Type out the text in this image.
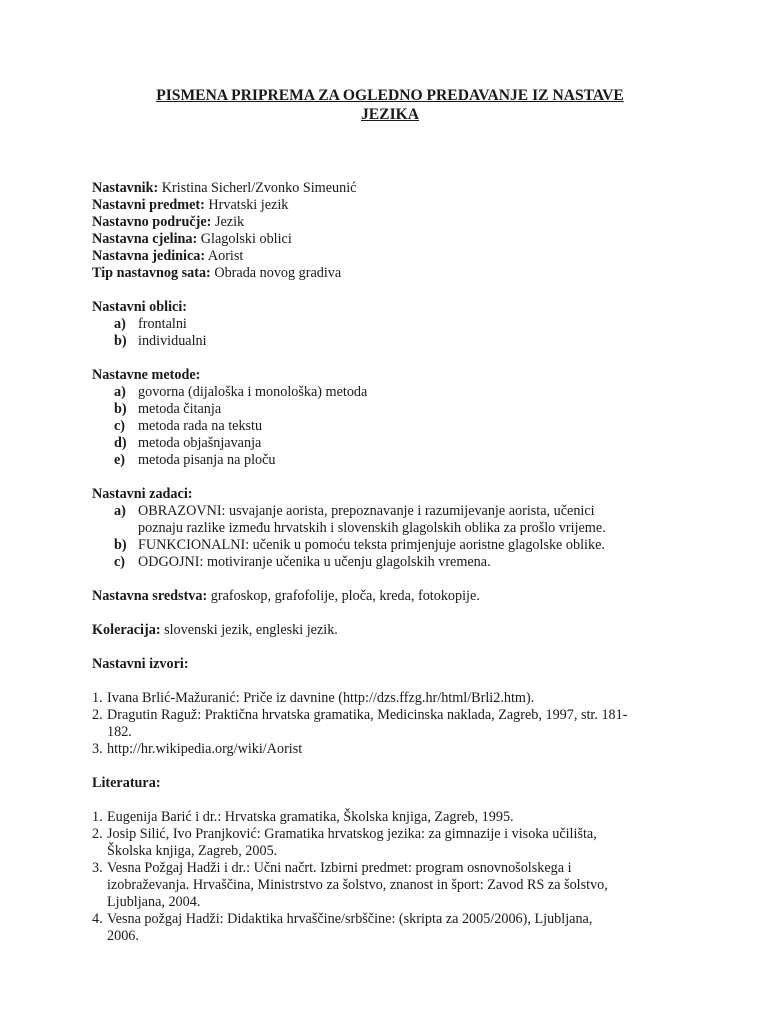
PISMENA PRIPREMA ZA OGLEDNO PREDAVANJE IZ NASTAVE
JEZIKA
Nastavnik: Kristina Sicherl/Zvonko Simeunić
Nastavni predmet: Hrvatski jezik
Nastavno područje: Jezik
Nastavna cjelina: Glagolski oblici
Nastavna jedinica: Aorist
Tip nastavnog sata: Obrada novog gradiva
Nastavni oblici:
a) frontalni
b) individualni
Nastavne metode:
a) govorna (dijaloška i monološka) metoda
b) metoda čitanja
c) metoda rada na tekstu
d) metoda objašnjavanja
e) metoda pisanja na ploču
Nastavni zadaci:
a) OBRAZOVNI: usvajanje aorista, prepoznavanje i razumijevanje aorista, učenici
poznaju razlike između hrvatskih i slovenskih glagolskih oblika za prošlo vrijeme.
b) FUNKCIONALNI: učenik u pomoću teksta primjenjuje aoristne glagolske oblike.
c) ODGOJNI: motiviranje učenika u učenju glagolskih vremena.
Nastavna sredstva: grafoskop, grafofolije, ploča, kreda, fotokopije.
Koleracija: slovenski jezik, engleski jezik.
Nastavni izvori:
1. Ivana Brlić-Mažuranić: Priče iz davnine (http://dzs.ffzg.hr/html/Brli2.htm).
2. Dragutin Raguž: Praktična hrvatska gramatika, Medicinska naklada, Zagreb, 1997, str. 181-
182.
3. http://hr.wikipedia.org/wiki/Aorist
Literatura:
1. Eugenija Barić i dr.: Hrvatska gramatika, Školska knjiga, Zagreb, 1995.
2. Josip Silić, Ivo Pranjković: Gramatika hrvatskog jezika: za gimnazije i visoka učilišta,
Školska knjiga, Zagreb, 2005.
3. Vesna Požgaj Hadži i dr.: Učni načrt. Izbirni predmet: program osnovnošolskega i
izobraževanja. Hrvaščina, Ministrstvo za šolstvo, znanost in šport: Zavod RS za šolstvo,
Ljubljana, 2004.
4. Vesna požgaj Hadži: Didaktika hrvaščine/srbščine: (skripta za 2005/2006), Ljubljana,
2006.
